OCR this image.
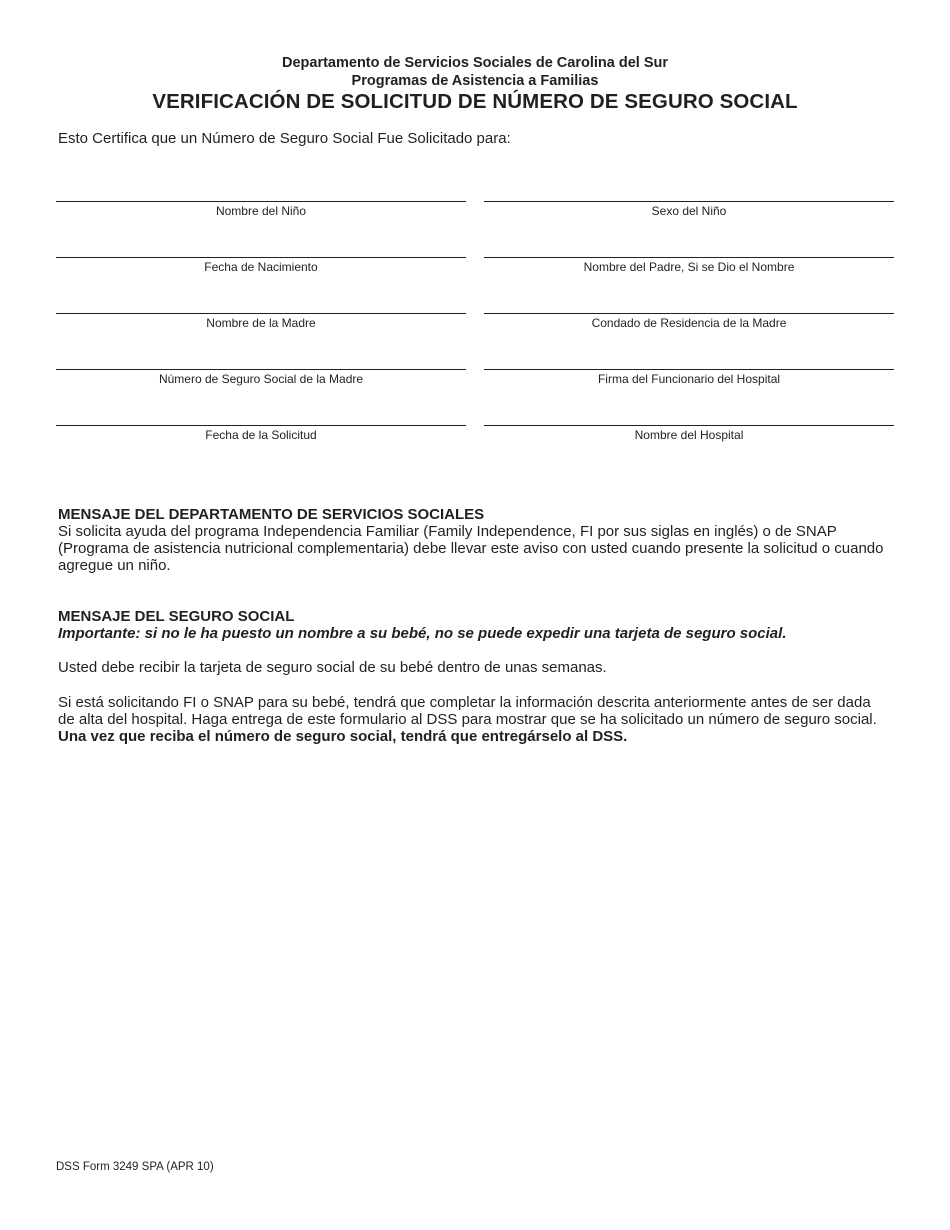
Departamento de Servicios Sociales de Carolina del Sur
Programas de Asistencia a Familias
VERIFICACIÓN DE SOLICITUD DE NÚMERO DE SEGURO SOCIAL
Esto Certifica que un Número de Seguro Social Fue Solicitado para:
Nombre del Niño	Sexo del Niño
Fecha de Nacimiento	Nombre del Padre, Si se Dio el Nombre
Nombre de la Madre	Condado de Residencia de la Madre
Número de Seguro Social de la Madre	Firma del Funcionario del Hospital
Fecha de la Solicitud	Nombre del Hospital
MENSAJE DEL DEPARTAMENTO DE SERVICIOS SOCIALES
Si solicita ayuda del programa Independencia Familiar (Family Independence, FI por sus siglas en inglés) o de SNAP (Programa de asistencia nutricional complementaria) debe llevar este aviso con usted cuando presente la solicitud o cuando agregue un niño.
MENSAJE DEL SEGURO SOCIAL
Importante: si no le ha puesto un nombre a su bebé, no se puede expedir una tarjeta de seguro social.
Usted debe recibir la tarjeta de seguro social de su bebé dentro de unas semanas.
Si está solicitando FI o SNAP para su bebé, tendrá que completar la información descrita anteriormente antes de ser dada de alta del hospital. Haga entrega de este formulario al DSS para mostrar que se ha solicitado un número de seguro social. Una vez que reciba el número de seguro social, tendrá que entregárselo al DSS.
DSS Form 3249 SPA (APR 10)
